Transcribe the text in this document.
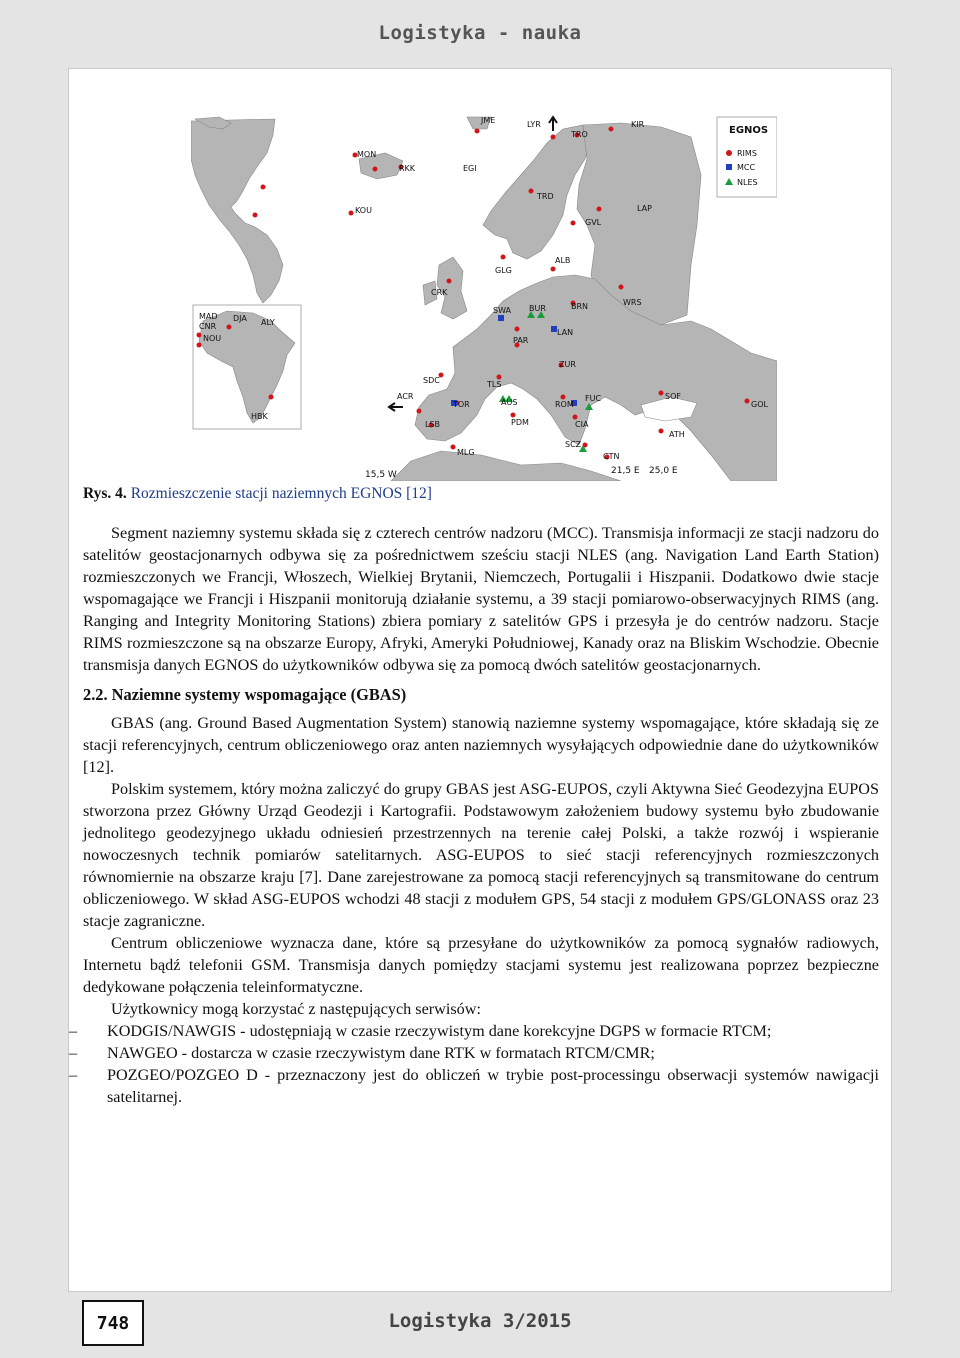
Logistyka - nauka
EGNOS
RIMS
MCC
NLES
JME	LYR
TRO
KIR
MON
RKK	EGI
KOU
TRD
GVL
LAP
GLG
ALB
CRK
SWA BUR	BRN	WRS
LAN
PAR
ZUR
MAD DJA ALY
CNR
NOU
SDC
ACR
TLS
AUS
TOR	ROM
FUC	SOF
GOL
LSB	PDM	CIA
ATH
SCZ
MLG	CTN
HBK
15,5 W	21,5 E 25,0 E
Rys. 4. Rozmieszczenie stacji naziemnych EGNOS [12]

Segment naziemny systemu składa się z czterech centrów nadzoru (MCC). Transmisja informacji ze stacji nadzoru do satelitów geostacjonarnych odbywa się za pośrednictwem sześciu stacji NLES (ang. Navigation Land Earth Station) rozmieszczonych we Francji, Włoszech, Wielkiej Brytanii, Niemczech, Portugalii i Hiszpanii. Dodatkowo dwie stacje wspomagające we Francji i Hiszpanii monitorują działanie systemu, a 39 stacji pomiarowo-obserwacyjnych RIMS (ang. Ranging and Integrity Monitoring Stations) zbiera pomiary z satelitów GPS i przesyła je do centrów nadzoru. Stacje RIMS rozmieszczone są na obszarze Europy, Afryki, Ameryki Południowej, Kanady oraz na Bliskim Wschodzie. Obecnie transmisja danych EGNOS do użytkowników odbywa się za pomocą dwóch satelitów geostacjonarnych.

2.2. Naziemne systemy wspomagające (GBAS)

GBAS (ang. Ground Based Augmentation System) stanowią naziemne systemy wspomagające, które składają się ze stacji referencyjnych, centrum obliczeniowego oraz anten naziemnych wysyłających odpowiednie dane do użytkowników [12].

Polskim systemem, który można zaliczyć do grupy GBAS jest ASG-EUPOS, czyli Aktywna Sieć Geodezyjna EUPOS stworzona przez Główny Urząd Geodezji i Kartografii. Podstawowym założeniem budowy systemu było zbudowanie jednolitego geodezyjnego układu odniesień przestrzennych na terenie całej Polski, a także rozwój i wspieranie nowoczesnych technik pomiarów satelitarnych. ASG-EUPOS to sieć stacji referencyjnych rozmieszczonych równomiernie na obszarze kraju [7]. Dane zarejestrowane za pomocą stacji referencyjnych są transmitowane do centrum obliczeniowego. W skład ASG-EUPOS wchodzi 48 stacji z modułem GPS, 54 stacji z modułem GPS/GLONASS oraz 23 stacje zagraniczne.

Centrum obliczeniowe wyznacza dane, które są przesyłane do użytkowników za pomocą sygnałów radiowych, Internetu bądź telefonii GSM. Transmisja danych pomiędzy stacjami systemu jest realizowana poprzez bezpieczne dedykowane połączenia teleinformatyczne.

Użytkownicy mogą korzystać z następujących serwisów:

– KODGIS/NAWGIS - udostępniają w czasie rzeczywistym dane korekcyjne DGPS w formacie RTCM;
– NAWGEO - dostarcza w czasie rzeczywistym dane RTK w formatach RTCM/CMR;
– POZGEO/POZGEO D - przeznaczony jest do obliczeń w trybie post-processingu obserwacji systemów nawigacji satelitarnej.
748	Logistyka 3/2015
